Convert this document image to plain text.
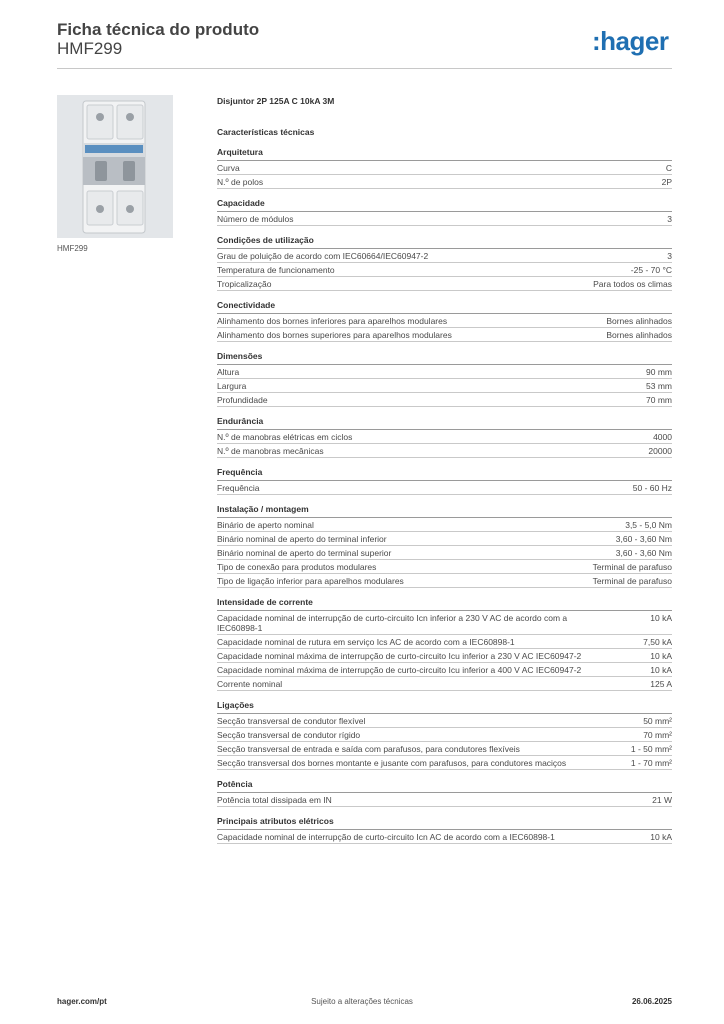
Ficha técnica do produto
HMF299	:hager
HMF299
Disjuntor 2P 125A C 10kA 3M
Características técnicas
Arquitetura
Curva	C
N.º de polos	2P
Capacidade
Número de módulos	3
Condições de utilização
Grau de poluição de acordo com IEC60664/IEC60947-2	3
Temperatura de funcionamento	-25 - 70 °C
Tropicalização	Para todos os climas
Conectividade
Alinhamento dos bornes inferiores para aparelhos modulares	Bornes alinhados
Alinhamento dos bornes superiores para aparelhos modulares	Bornes alinhados
Dimensões
Altura	90 mm
Largura	53 mm
Profundidade	70 mm
Endurância
N.º de manobras elétricas em ciclos	4000
N.º de manobras mecânicas	20000
Frequência
Frequência	50 - 60 Hz
Instalação / montagem
Binário de aperto nominal	3,5 - 5,0 Nm
Binário nominal de aperto do terminal inferior	3,60 - 3,60 Nm
Binário nominal de aperto do terminal superior	3,60 - 3,60 Nm
Tipo de conexão para produtos modulares	Terminal de parafuso
Tipo de ligação inferior para aparelhos modulares	Terminal de parafuso
Intensidade de corrente
Capacidade nominal de interrupção de curto-circuito Icn inferior a 230 V AC de acordo com a IEC60898-1
10 kA
Capacidade nominal de rutura em serviço Ics AC de acordo com a IEC60898-1	7,50 kA
Capacidade nominal máxima de interrupção de curto-circuito Icu inferior a 230 V AC IEC60947-2	10 kA
Capacidade nominal máxima de interrupção de curto-circuito Icu inferior a 400 V AC IEC60947-2	10 kA
Corrente nominal	125 A
Ligações
Secção transversal de condutor flexível	50 mm²
Secção transversal de condutor rígido	70 mm²
Secção transversal de entrada e saída com parafusos, para condutores flexíveis	1 - 50 mm²
Secção transversal dos bornes montante e jusante com parafusos, para condutores maciços	1 - 70 mm²
Potência
Potência total dissipada em IN	21 W
Principais atributos elétricos
Capacidade nominal de interrupção de curto-circuito Icn AC de acordo com a IEC60898-1	10 kA
hager.com/pt	Sujeito a alterações técnicas	26.06.2025
